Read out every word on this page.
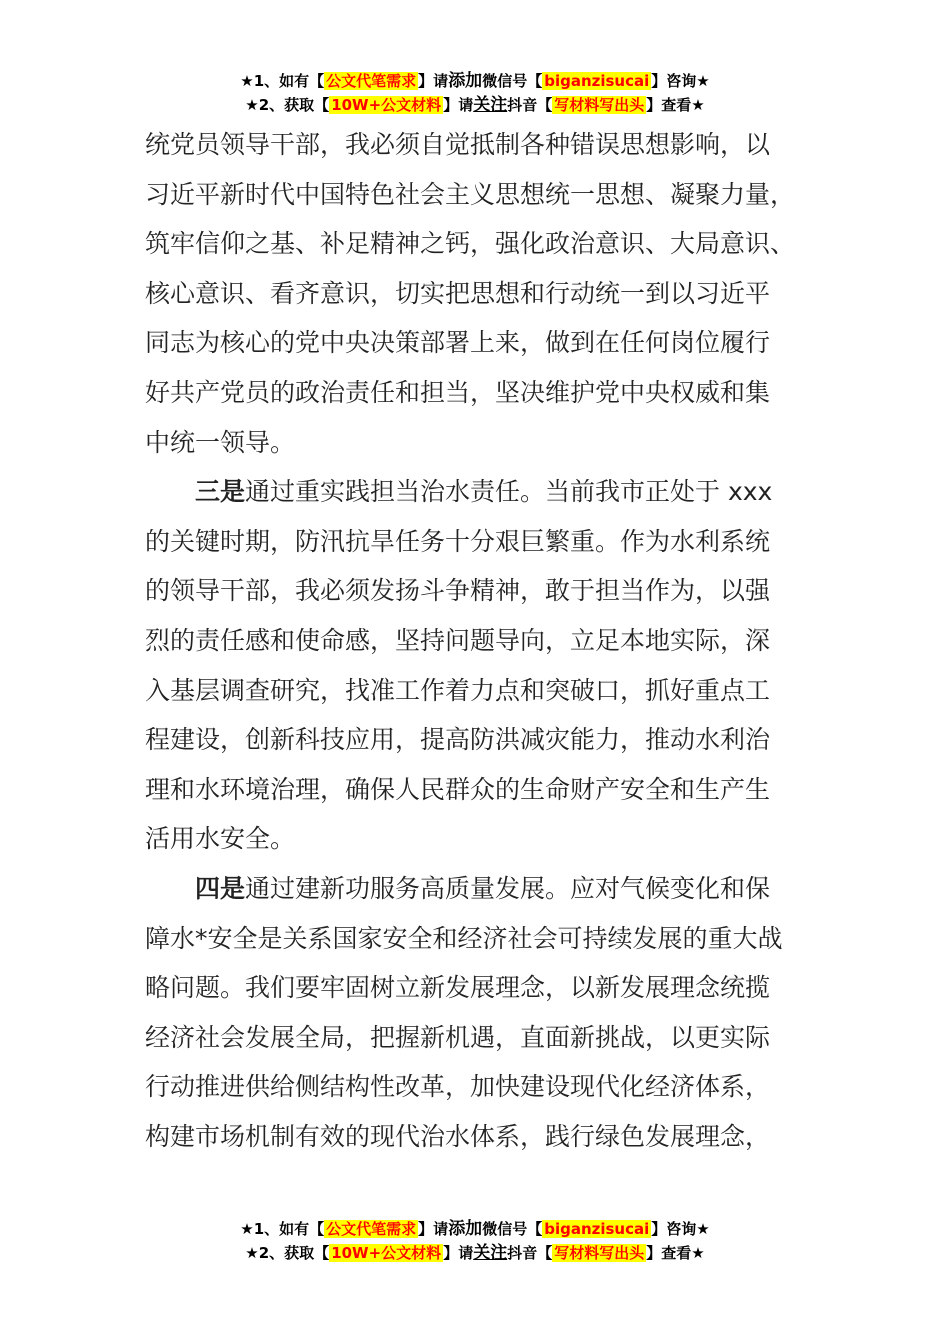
★1、如有【 公文代笔需求 】请添加微信号【 biganzisucai 】咨询★
★2、获取【 10W+公文材料 】请关注抖音【 写材料写出头 】查看★
统党员领导干部，我必须自觉抵制各种错误思想影响，以
习近平新时代中国特色社会主义思想统一思想、凝聚力量，
筑牢信仰之基、补足精神之钙，强化政治意识、大局意识、
核心意识、看齐意识，切实把思想和行动统一到以习近平
同志为核心的党中央决策部署上来，做到在任何岗位履行
好共产党员的政治责任和担当，坚决维护党中央权威和集
中统一领导。
三是通过重实践担当治水责任。当前我市正处于 xxx
的关键时期，防汛抗旱任务十分艰巨繁重。作为水利系统
的领导干部，我必须发扬斗争精神，敢于担当作为，以强
烈的责任感和使命感，坚持问题导向，立足本地实际，深
入基层调查研究，找准工作着力点和突破口，抓好重点工
程建设，创新科技应用，提高防洪减灾能力，推动水利治
理和水环境治理，确保人民群众的生命财产安全和生产生
活用水安全。
四是通过建新功服务高质量发展。应对气候变化和保
障水*安全是关系国家安全和经济社会可持续发展的重大战
略问题。我们要牢固树立新发展理念，以新发展理念统揽
经济社会发展全局，把握新机遇，直面新挑战，以更实际
行动推进供给侧结构性改革，加快建设现代化经济体系，
构建市场机制有效的现代治水体系，践行绿色发展理念，
★1、如有【 公文代笔需求 】请添加微信号【 biganzisucai 】咨询★
★2、获取【 10W+公文材料 】请关注抖音【 写材料写出头 】查看★
